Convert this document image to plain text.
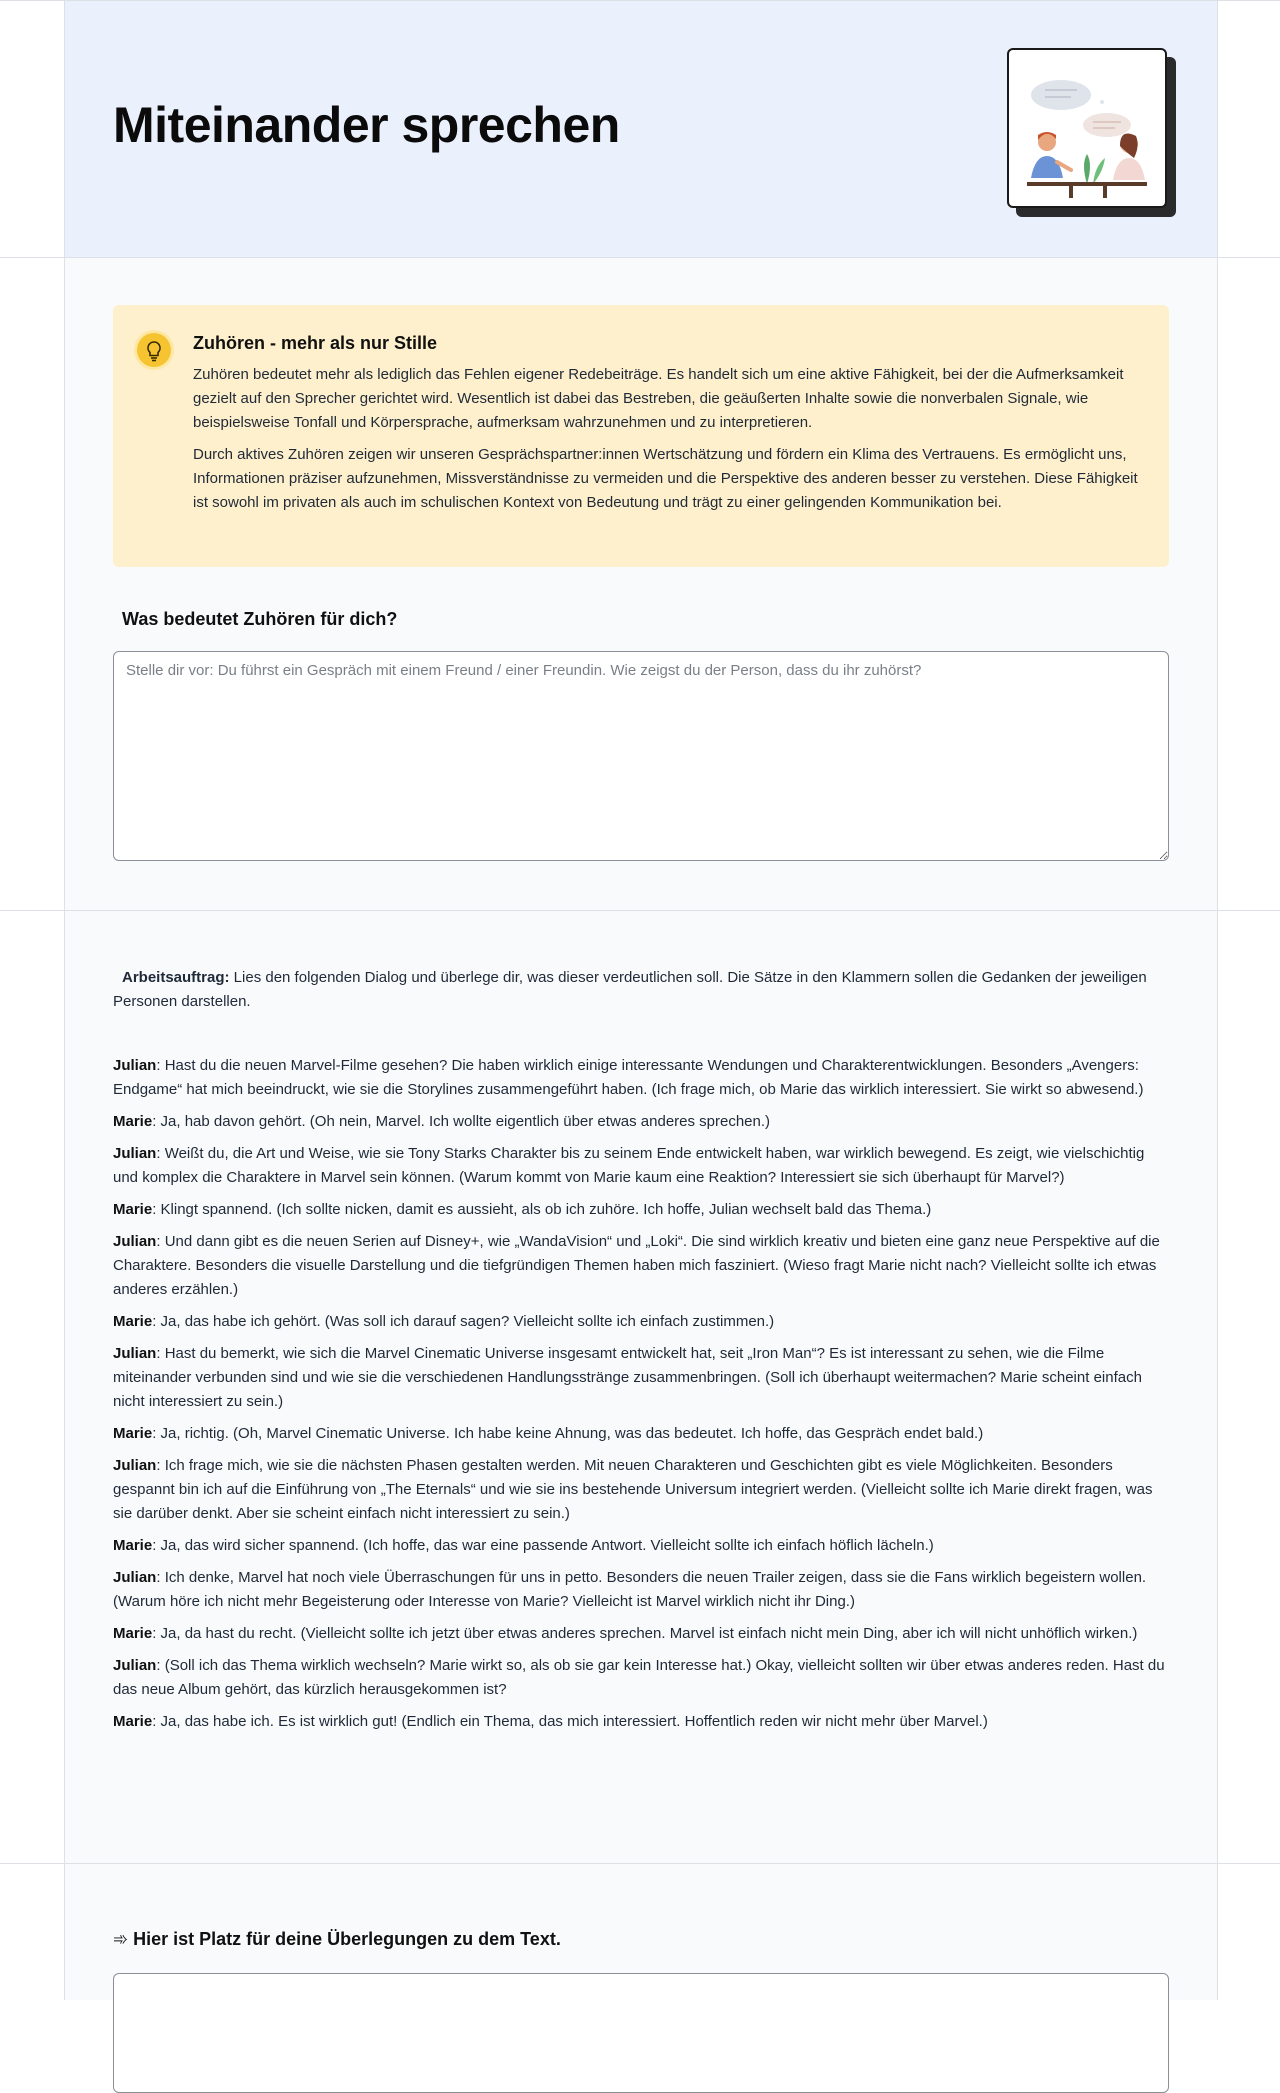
Miteinander sprechen
Zuhören - mehr als nur Stille

Zuhören bedeutet mehr als lediglich das Fehlen eigener Redebeiträge. Es handelt sich um eine aktive Fähigkeit, bei der die Aufmerksamkeit gezielt auf den Sprecher gerichtet wird. Wesentlich ist dabei das Bestreben, die geäußerten Inhalte sowie die nonverbalen Signale, wie beispielsweise Tonfall und Körpersprache, aufmerksam wahrzunehmen und zu interpretieren.

Durch aktives Zuhören zeigen wir unseren Gesprächspartner:innen Wertschätzung und fördern ein Klima des Vertrauens. Es ermöglicht uns, Informationen präziser aufzunehmen, Missverständnisse zu vermeiden und die Perspektive des anderen besser zu verstehen. Diese Fähigkeit ist sowohl im privaten als auch im schulischen Kontext von Bedeutung und trägt zu einer gelingenden Kommunikation bei.

Was bedeutet Zuhören für dich?
Stelle dir vor: Du führst ein Gespräch mit einem Freund / einer Freundin. Wie zeigst du der Person, dass du ihr zuhörst?

Arbeitsauftrag: Lies den folgenden Dialog und überlege dir, was dieser verdeutlichen soll. Die Sätze in den Klammern sollen die Gedanken der jeweiligen Personen darstellen.

Julian: Hast du die neuen Marvel-Filme gesehen? Die haben wirklich einige interessante Wendungen und Charakterentwicklungen. Besonders „Avengers: Endgame“ hat mich beeindruckt, wie sie die Storylines zusammengeführt haben. (Ich frage mich, ob Marie das wirklich interessiert. Sie wirkt so abwesend.)

Marie: Ja, hab davon gehört. (Oh nein, Marvel. Ich wollte eigentlich über etwas anderes sprechen.)

Julian: Weißt du, die Art und Weise, wie sie Tony Starks Charakter bis zu seinem Ende entwickelt haben, war wirklich bewegend. Es zeigt, wie vielschichtig und komplex die Charaktere in Marvel sein können. (Warum kommt von Marie kaum eine Reaktion? Interessiert sie sich überhaupt für Marvel?)

Marie: Klingt spannend. (Ich sollte nicken, damit es aussieht, als ob ich zuhöre. Ich hoffe, Julian wechselt bald das Thema.)

Julian: Und dann gibt es die neuen Serien auf Disney+, wie „WandaVision“ und „Loki“. Die sind wirklich kreativ und bieten eine ganz neue Perspektive auf die Charaktere. Besonders die visuelle Darstellung und die tiefgründigen Themen haben mich fasziniert. (Wieso fragt Marie nicht nach? Vielleicht sollte ich etwas anderes erzählen.)

Marie: Ja, das habe ich gehört. (Was soll ich darauf sagen? Vielleicht sollte ich einfach zustimmen.)

Julian: Hast du bemerkt, wie sich die Marvel Cinematic Universe insgesamt entwickelt hat, seit „Iron Man“? Es ist interessant zu sehen, wie die Filme miteinander verbunden sind und wie sie die verschiedenen Handlungsstränge zusammenbringen. (Soll ich überhaupt weitermachen? Marie scheint einfach nicht interessiert zu sein.)

Marie: Ja, richtig. (Oh, Marvel Cinematic Universe. Ich habe keine Ahnung, was das bedeutet. Ich hoffe, das Gespräch endet bald.)

Julian: Ich frage mich, wie sie die nächsten Phasen gestalten werden. Mit neuen Charakteren und Geschichten gibt es viele Möglichkeiten. Besonders gespannt bin ich auf die Einführung von „The Eternals“ und wie sie ins bestehende Universum integriert werden. (Vielleicht sollte ich Marie direkt fragen, was sie darüber denkt. Aber sie scheint einfach nicht interessiert zu sein.)

Marie: Ja, das wird sicher spannend. (Ich hoffe, das war eine passende Antwort. Vielleicht sollte ich einfach höflich lächeln.)

Julian: Ich denke, Marvel hat noch viele Überraschungen für uns in petto. Besonders die neuen Trailer zeigen, dass sie die Fans wirklich begeistern wollen. (Warum höre ich nicht mehr Begeisterung oder Interesse von Marie? Vielleicht ist Marvel wirklich nicht ihr Ding.)

Marie: Ja, da hast du recht. (Vielleicht sollte ich jetzt über etwas anderes sprechen. Marvel ist einfach nicht mein Ding, aber ich will nicht unhöflich wirken.)

Julian: (Soll ich das Thema wirklich wechseln? Marie wirkt so, als ob sie gar kein Interesse hat.) Okay, vielleicht sollten wir über etwas anderes reden. Hast du das neue Album gehört, das kürzlich herausgekommen ist?

Marie: Ja, das habe ich. Es ist wirklich gut! (Endlich ein Thema, das mich interessiert. Hoffentlich reden wir nicht mehr über Marvel.)

➾ Hier ist Platz für deine Überlegungen zu dem Text.
